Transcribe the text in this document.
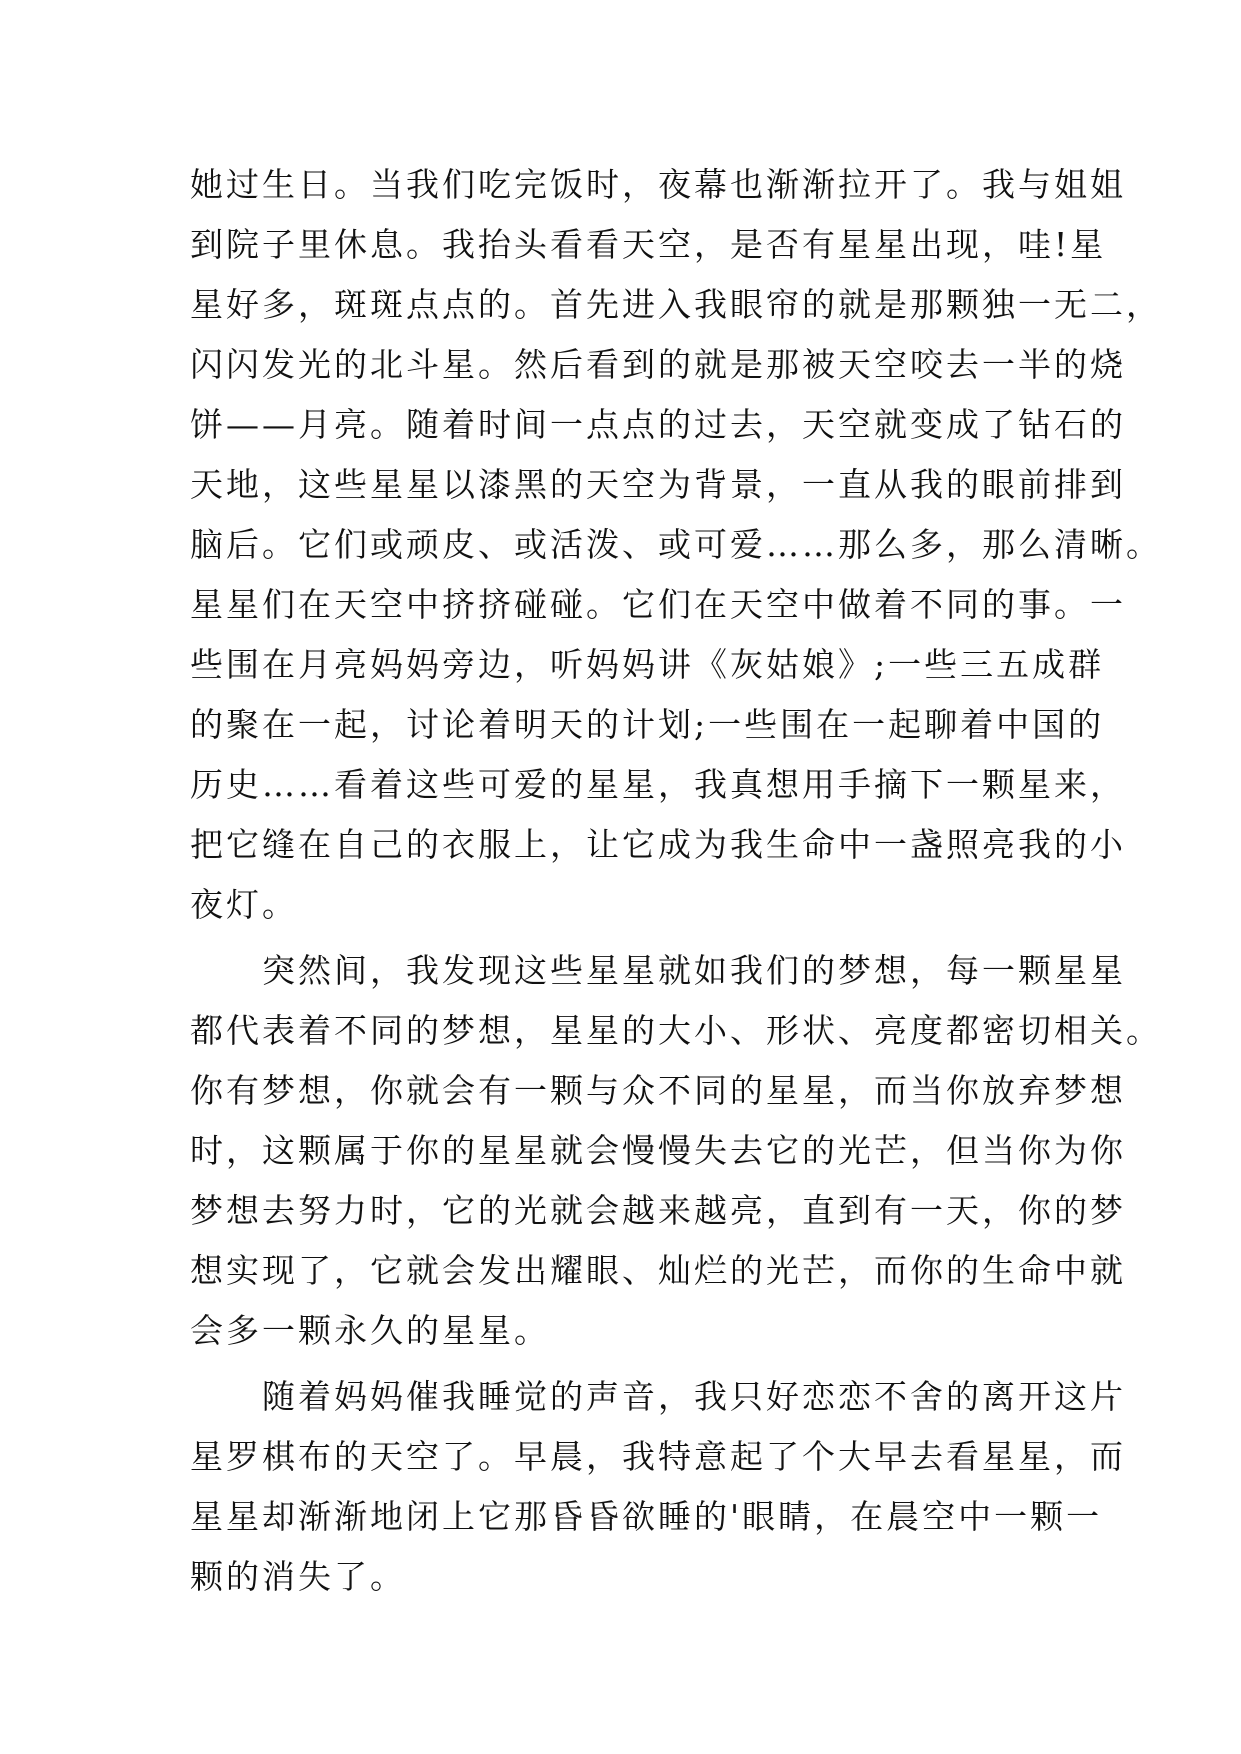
她过生日。当我们吃完饭时，夜幕也渐渐拉开了。我与姐姐
到院子里休息。我抬头看看天空，是否有星星出现，哇!星
星好多，斑斑点点的。首先进入我眼帘的就是那颗独一无二，
闪闪发光的北斗星。然后看到的就是那被天空咬去一半的烧
饼——月亮。随着时间一点点的过去，天空就变成了钻石的
天地，这些星星以漆黑的天空为背景，一直从我的眼前排到
脑后。它们或顽皮、或活泼、或可爱……那么多，那么清晰。
星星们在天空中挤挤碰碰。它们在天空中做着不同的事。一
些围在月亮妈妈旁边，听妈妈讲《灰姑娘》;一些三五成群
的聚在一起，讨论着明天的计划;一些围在一起聊着中国的
历史……看着这些可爱的星星，我真想用手摘下一颗星来，
把它缝在自己的衣服上，让它成为我生命中一盏照亮我的小
夜灯。
　　突然间，我发现这些星星就如我们的梦想，每一颗星星
都代表着不同的梦想，星星的大小、形状、亮度都密切相关。
你有梦想，你就会有一颗与众不同的星星，而当你放弃梦想
时，这颗属于你的星星就会慢慢失去它的光芒，但当你为你
梦想去努力时，它的光就会越来越亮，直到有一天，你的梦
想实现了，它就会发出耀眼、灿烂的光芒，而你的生命中就
会多一颗永久的星星。
　　随着妈妈催我睡觉的声音，我只好恋恋不舍的离开这片
星罗棋布的天空了。早晨，我特意起了个大早去看星星，而
星星却渐渐地闭上它那昏昏欲睡的'眼睛，在晨空中一颗一
颗的消失了。
